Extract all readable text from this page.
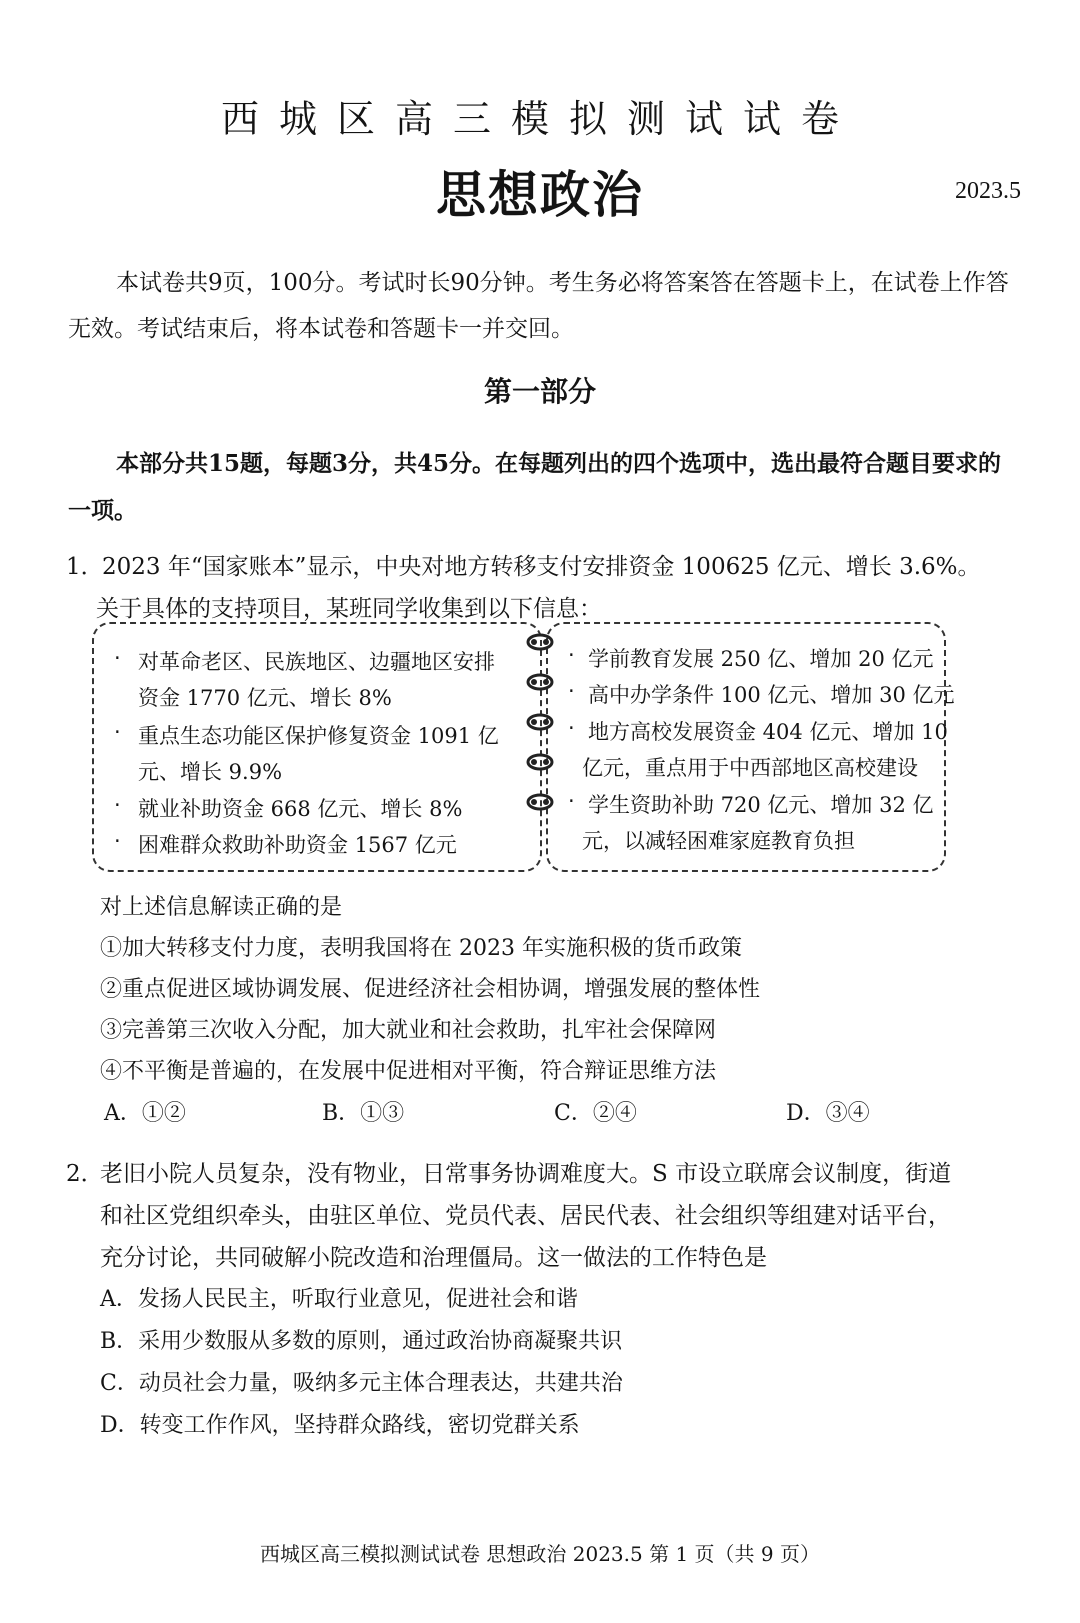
西城区高三模拟测试试卷
思想政治	2023.5
本试卷共9页，100分。考试时长90分钟。考生务必将答案答在答题卡上，在试卷上作答无效。考试结束后，将本试卷和答题卡一并交回。
第一部分
本部分共15题，每题3分，共45分。在每题列出的四个选项中，选出最符合题目要求的一项。
1．
2023 年“国家账本”显示，中央对地方转移支付安排资金 100625 亿元、增长 3.6%。
关于具体的支持项目，某班同学收集到以下信息：
· 对革命老区、民族地区、边疆地区安排
资金 1770 亿元、增长 8%
· 重点生态功能区保护修复资金 1091 亿
元、增长 9.9%
· 就业补助资金 668 亿元、增长 8%
· 困难群众救助补助资金 1567 亿元
· 学前教育发展 250 亿、增加 20 亿元
· 高中办学条件 100 亿元、增加 30 亿元
· 地方高校发展资金 404 亿元、增加 10
亿元，重点用于中西部地区高校建设
· 学生资助补助 720 亿元、增加 32 亿
元，以减轻困难家庭教育负担
对上述信息解读正确的是
①加大转移支付力度，表明我国将在 2023 年实施积极的货币政策
②重点促进区域协调发展、促进经济社会相协调，增强发展的整体性
③完善第三次收入分配，加大就业和社会救助，扎牢社会保障网
④不平衡是普遍的，在发展中促进相对平衡，符合辩证思维方法
A．①②	B．①③	C．②④	D．③④
2．
老旧小院人员复杂，没有物业，日常事务协调难度大。S 市设立联席会议制度，街道
和社区党组织牵头，由驻区单位、党员代表、居民代表、社会组织等组建对话平台，
充分讨论，共同破解小院改造和治理僵局。这一做法的工作特色是
A．发扬人民民主，听取行业意见，促进社会和谐
B．采用少数服从多数的原则，通过政治协商凝聚共识
C．动员社会力量，吸纳多元主体合理表达，共建共治
D．转变工作作风，坚持群众路线，密切党群关系
西城区高三模拟测试试卷 思想政治 2023.5 第 1 页（共 9 页）
